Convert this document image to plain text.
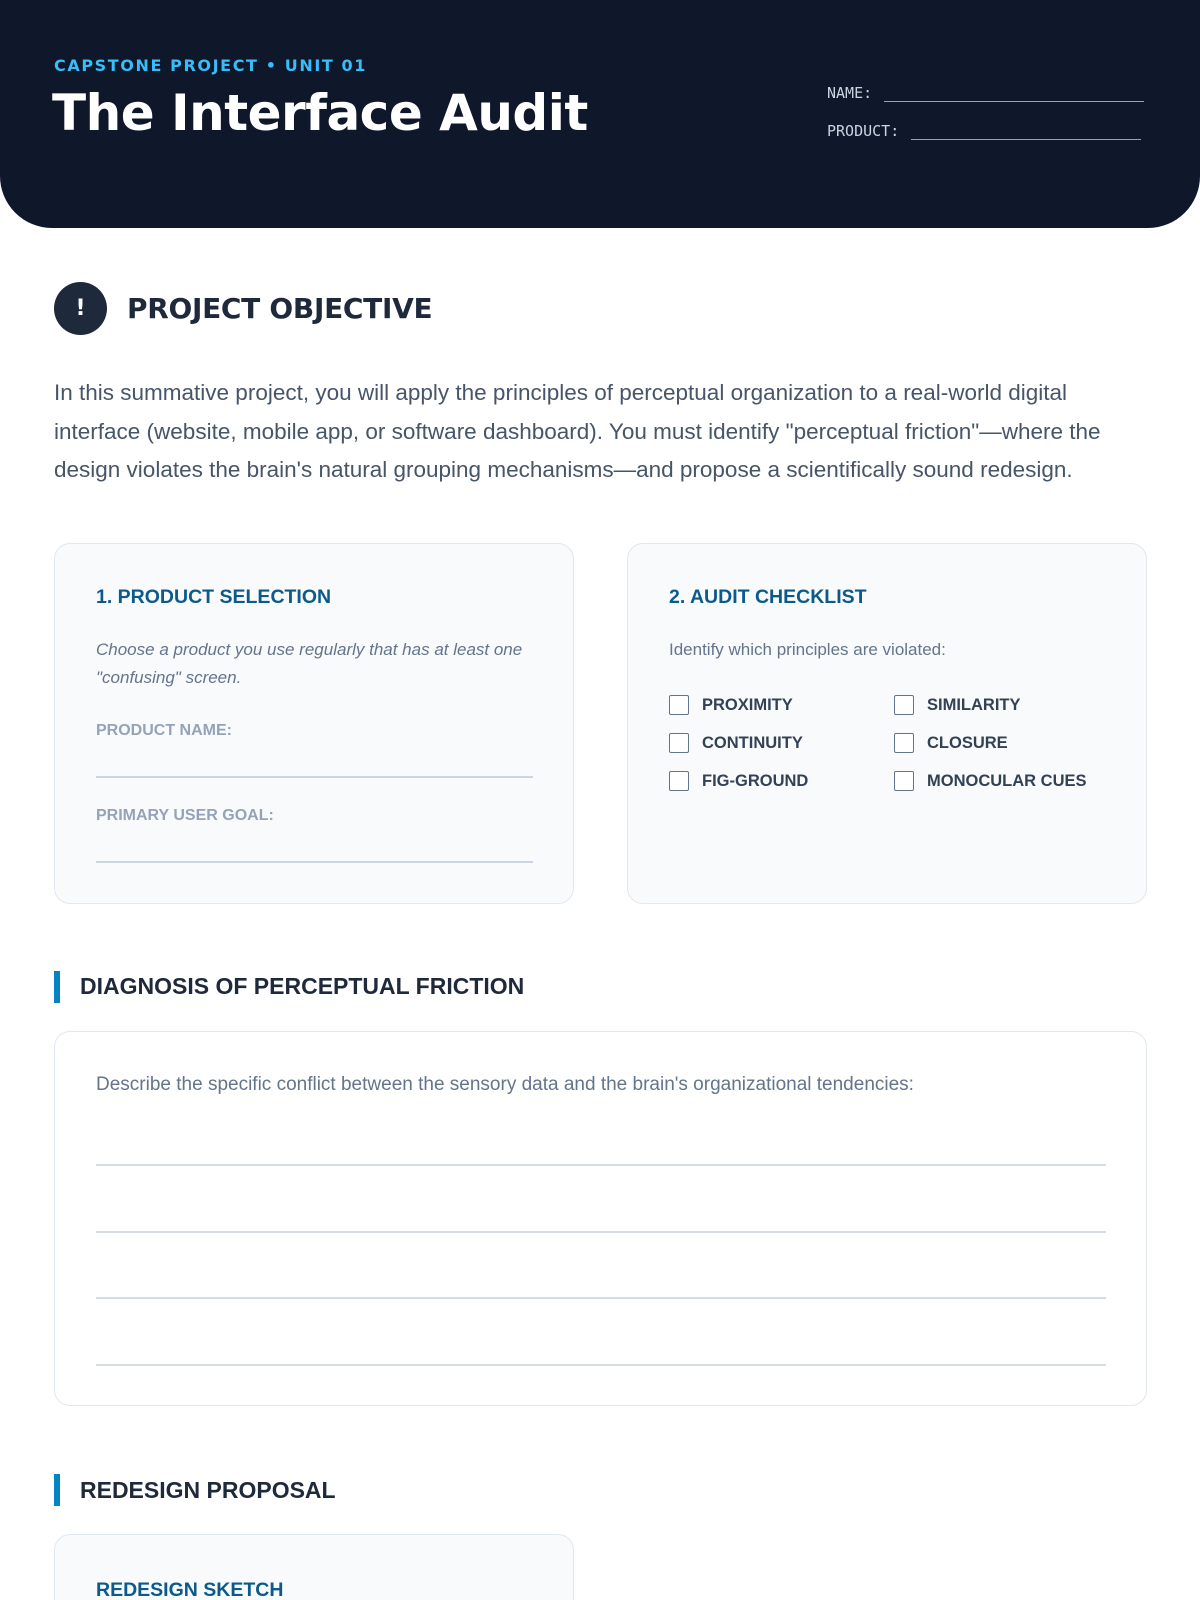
CAPSTONE PROJECT • UNIT 01
The Interface Audit	NAME:
PRODUCT:
!	PROJECT OBJECTIVE
In this summative project, you will apply the principles of perceptual organization to a real-world digital interface (website, mobile app, or software dashboard). You must identify "perceptual friction"—where the design violates the brain's natural grouping mechanisms—and propose a scientifically sound redesign.
1. PRODUCT SELECTION
Choose a product you use regularly that has at least one "confusing" screen.
PRODUCT NAME:
PRIMARY USER GOAL:
2. AUDIT CHECKLIST
Identify which principles are violated:
PROXIMITY	SIMILARITY
CONTINUITY	CLOSURE
FIG-GROUND	MONOCULAR CUES
DIAGNOSIS OF PERCEPTUAL FRICTION
Describe the specific conflict between the sensory data and the brain's organizational tendencies:
REDESIGN PROPOSAL
REDESIGN SKETCH
